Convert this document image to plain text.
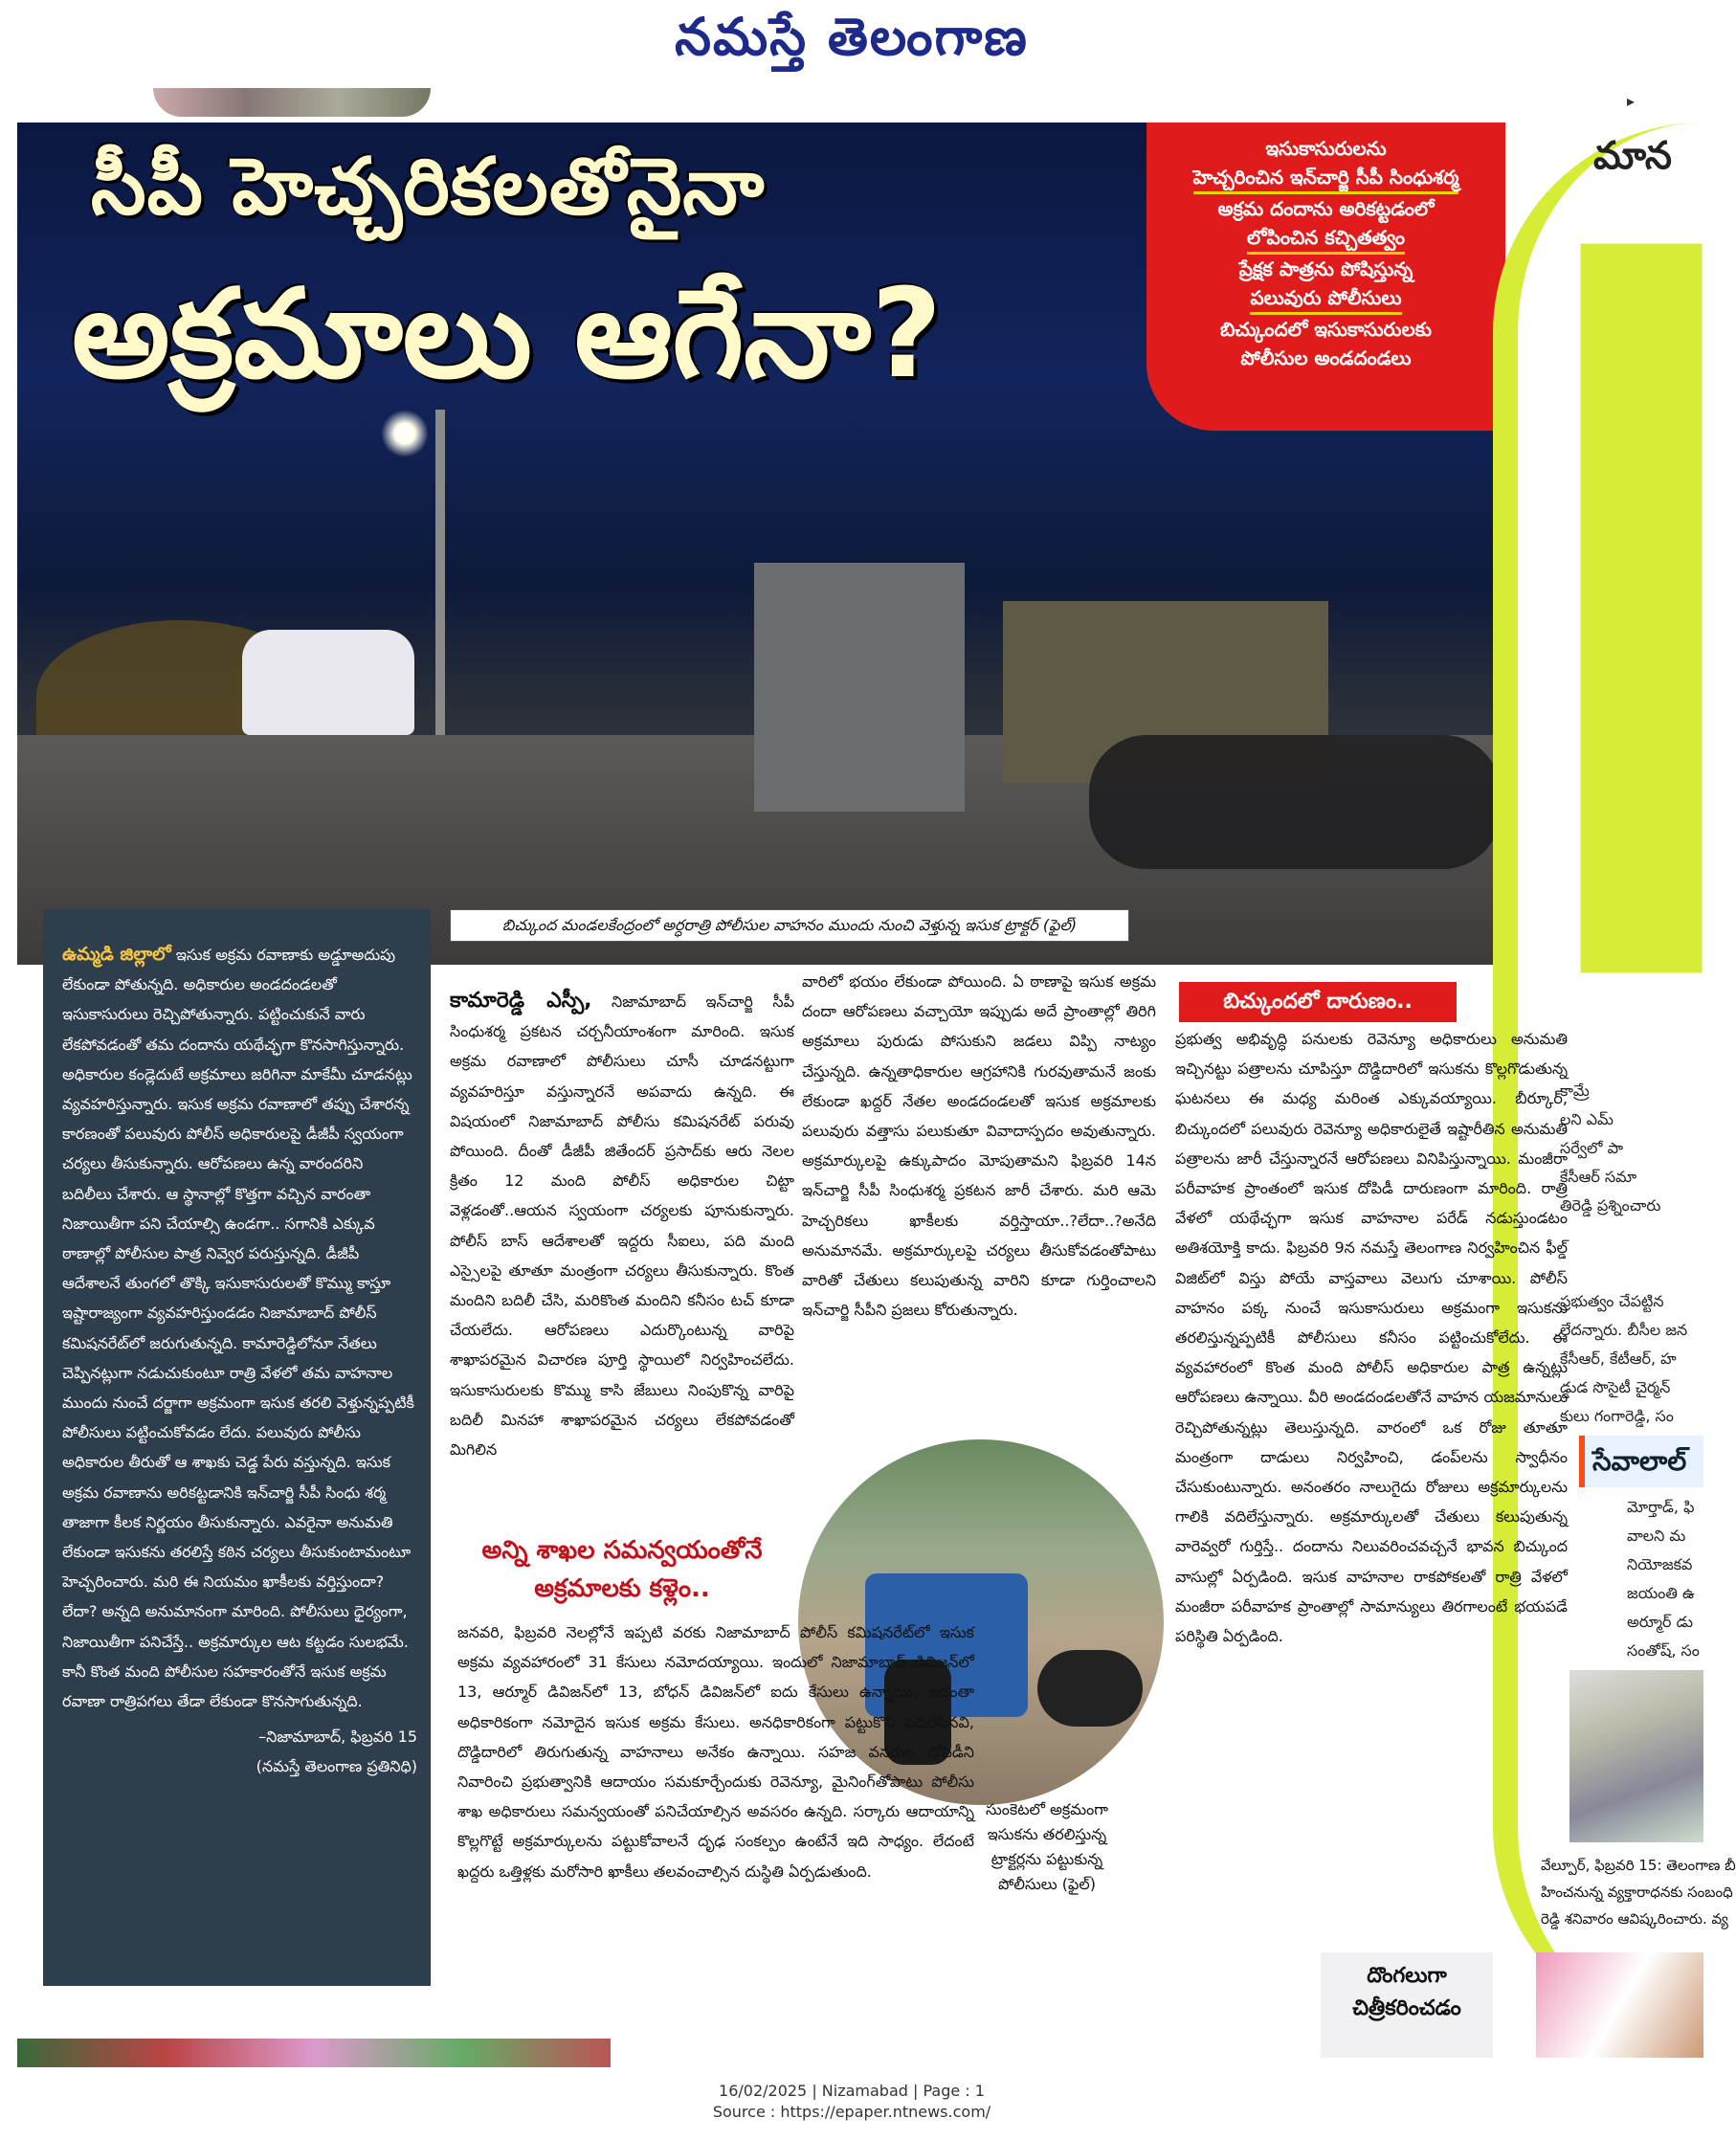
నమస్తే తెలంగాణ
▸
సీపీ హెచ్చరికలతోనైనా
అక్రమాలు ఆగేనా?
ఇసుకాసురులను
హెచ్చరించిన ఇన్‌చార్జి సీపీ సింధుశర్మ
అక్రమ దందాను అరికట్టడంలో
లోపించిన కచ్చితత్వం
ప్రేక్షక పాత్రను పోషిస్తున్న
పలువురు పోలీసులు
బిచ్కుందలో ఇసుకాసురులకు
పోలీసుల అండదండలు
బిచ్కుంద మండలకేంద్రంలో అర్ధరాత్రి పోలీసుల వాహనం ముందు నుంచి వెళ్తున్న ఇసుక ట్రాక్టర్ (ఫైల్)
మాన
కామ్రే
లని ఎమ్
సర్వేలో పా
కేసీఆర్ సమా
తిరెడ్డి ప్రశ్నించారు
ప్రభుత్వం చేపట్టిన
లేదన్నారు. బీసీల జన
కేసీఆర్, కేటీఆర్, హ
డ్డుడ సొసైటీ చైర్మన్
కులు గంగారెడ్డి, సం
సేవాలాల్
మోర్తాడ్, ఫి
వాలని మ
నియోజకవ
జయంతి ఉ
అర్మూర్ డు
సంతోష్, సం
వేల్పూర్, ఫిబ్రవరి 15: తెలంగాణ బీ
హించనున్న వ్యక్తారాధనకు సంబంధి
రెడ్డి శనివారం ఆవిష్కరించారు. వ్య

ఉమ్మడి జిల్లాలో ఇసుక అక్రమ రవాణాకు అడ్డూఅదుపు లేకుండా పోతున్నది. అధికారుల అండదండలతో ఇసుకాసురులు రెచ్చిపోతున్నారు. పట్టించుకునే వారు లేకపోవడంతో తమ దందాను యథేచ్ఛగా కొనసాగిస్తున్నారు. అధికారుల కండ్లెదుటే అక్రమాలు జరిగినా మాకేమీ చూడనట్లు వ్యవహరిస్తున్నారు. ఇసుక అక్రమ రవాణాలో తప్పు చేశారన్న కారణంతో పలువురు పోలీస్ అధికారులపై డీజీపీ స్వయంగా చర్యలు తీసుకున్నారు. ఆరోపణలు ఉన్న వారందరిని బదిలీలు చేశారు. ఆ స్థానాల్లో కొత్తగా వచ్చిన వారంతా నిజాయితీగా పని చేయాల్సి ఉండగా.. సగానికి ఎక్కువ ఠాణాల్లో పోలీసుల పాత్ర నివ్వెర పరుస్తున్నది. డీజీపీ ఆదేశాలనే తుంగలో తొక్కి ఇసుకాసురులతో కొమ్ము కాస్తూ ఇష్టారాజ్యంగా వ్యవహరిస్తుండడం నిజామాబాద్ పోలీస్ కమిషనరేట్‌లో జరుగుతున్నది. కామారెడ్డిలోనూ నేతలు చెప్పినట్లుగా నడుచుకుంటూ రాత్రి వేళలో తమ వాహనాల ముందు నుంచే దర్జాగా అక్రమంగా ఇసుక తరలి వెళ్తున్నప్పటికీ పోలీసులు పట్టించుకోవడం లేదు. పలువురు పోలీసు అధికారుల తీరుతో ఆ శాఖకు చెడ్డ పేరు వస్తున్నది. ఇసుక అక్రమ రవాణాను అరికట్టడానికి ఇన్‌చార్జి సీపీ సింధు శర్మ తాజాగా కీలక నిర్ణయం తీసుకున్నారు. ఎవరైనా అనుమతి లేకుండా ఇసుకను తరలిస్తే కఠిన చర్యలు తీసుకుంటామంటూ హెచ్చరించారు. మరి ఈ నియమం ఖాకీలకు వర్తిస్తుందా? లేదా? అన్నది అనుమానంగా మారింది. పోలీసులు ధైర్యంగా, నిజాయితీగా పనిచేస్తే.. అక్రమార్కుల ఆట కట్టడం సులభమే. కానీ కొంత మంది పోలీసుల సహకారంతోనే ఇసుక అక్రమ రవాణా రాత్రిపగలు తేడా లేకుండా కొనసాగుతున్నది.

–నిజామాబాద్, ఫిబ్రవరి 15

(నమస్తే తెలంగాణ ప్రతినిధి)

కామారెడ్డి ఎస్పీ, నిజామాబాద్ ఇన్‌చార్జి సీపీ సింధుశర్మ ప్రకటన చర్చనీయాంశంగా మారింది. ఇసుక అక్రమ రవాణాలో పోలీసులు చూసీ చూడనట్టుగా వ్యవహరిస్తూ వస్తున్నారనే అపవాదు ఉన్నది. ఈ విషయంలో నిజామాబాద్ పోలీసు కమిషనరేట్ పరువు పోయింది. దీంతో డీజీపీ జితేందర్ ప్రసాద్‌కు ఆరు నెలల క్రితం 12 మంది పోలీస్ అధికారుల చిట్టా వెళ్లడంతో..ఆయన స్వయంగా చర్యలకు పూనుకున్నారు. పోలీస్ బాస్ ఆదేశాలతో ఇద్దరు సీఐలు, పది మంది ఎస్సైలపై తూతూ మంత్రంగా చర్యలు తీసుకున్నారు. కొంత మందిని బదిలీ చేసి, మరికొంత మందిని కనీసం టచ్ కూడా చేయలేదు. ఆరోపణలు ఎదుర్కొంటున్న వారిపై శాఖాపరమైన విచారణ పూర్తి స్థాయిలో నిర్వహించలేదు. ఇసుకాసురులకు కొమ్ము కాసి జేబులు నింపుకొన్న వారిపై బదిలీ మినహా శాఖాపరమైన చర్యలు లేకపోవడంతో మిగిలిన
వారిలో భయం లేకుండా పోయింది. ఏ ఠాణాపై ఇసుక అక్రమ దందా ఆరోపణలు వచ్చాయో ఇప్పుడు అదే ప్రాంతాల్లో తిరిగి అక్రమాలు పురుడు పోసుకుని జడలు విప్పి నాట్యం చేస్తున్నది. ఉన్నతాధికారుల ఆగ్రహానికి గురవుతామనే జంకు లేకుండా ఖద్దర్ నేతల అండదండలతో ఇసుక అక్రమాలకు పలువురు వత్తాసు పలుకుతూ వివాదాస్పదం అవుతున్నారు. అక్రమార్కులపై ఉక్కుపాదం మోపుతామని ఫిబ్రవరి 14న ఇన్‌చార్జి సీపీ సింధుశర్మ ప్రకటన జారీ చేశారు. మరి ఆమె హెచ్చరికలు ఖాకీలకు వర్తిస్తాయా..?లేదా..?అనేది అనుమానమే. అక్రమార్కులపై చర్యలు తీసుకోవడంతోపాటు వారితో చేతులు కలుపుతున్న వారిని కూడా గుర్తించాలని ఇన్‌చార్జి సీపీని ప్రజలు కోరుతున్నారు.
బిచ్కుందలో దారుణం..
ప్రభుత్వ అభివృద్ధి పనులకు రెవెన్యూ అధికారులు అనుమతి ఇచ్చినట్టు పత్రాలను చూపిస్తూ దొడ్డిదారిలో ఇసుకను కొల్లగొడుతున్న ఘటనలు ఈ మధ్య మరింత ఎక్కువయ్యాయి. బీర్కూర్, బిచ్కుందలో పలువురు రెవెన్యూ అధికారులైతే ఇష్టారీతిన అనుమతి పత్రాలను జారీ చేస్తున్నారనే ఆరోపణలు వినిపిస్తున్నాయి. మంజీరా పరీవాహక ప్రాంతంలో ఇసుక దోపిడీ దారుణంగా మారింది. రాత్రి వేళలో యథేచ్ఛగా ఇసుక వాహనాల పరేడ్ నడుస్తుండటం అతిశయోక్తి కాదు. ఫిబ్రవరి 9న నమస్తే తెలంగాణ నిర్వహించిన ఫీల్డ్ విజిట్‌లో విస్తు పోయే వాస్తవాలు వెలుగు చూశాయి. పోలీస్ వాహనం పక్క నుంచే ఇసుకాసురులు అక్రమంగా ఇసుకను తరలిస్తున్నప్పటికీ పోలీసులు కనీసం పట్టించుకోలేదు. ఈ వ్యవహారంలో కొంత మంది పోలీస్ అధికారుల పాత్ర ఉన్నట్లు ఆరోపణలు ఉన్నాయి. వీరి అండదండలతోనే వాహన యజమానులు రెచ్చిపోతున్నట్లు తెలుస్తున్నది. వారంలో ఒక రోజు తూతూ మంత్రంగా దాడులు నిర్వహించి, డంప్‌లను స్వాధీనం చేసుకుంటున్నారు. అనంతరం నాలుగైదు రోజులు అక్రమార్కులను గాలికి వదిలేస్తున్నారు. అక్రమార్కులతో చేతులు కలుపుతున్న వారెవ్వరో గుర్తిస్తే.. దందాను నిలువరించవచ్చనే భావన బిచ్కుంద వాసుల్లో ఏర్పడింది. ఇసుక వాహనాల రాకపోకలతో రాత్రి వేళలో మంజీరా పరీవాహక ప్రాంతాల్లో సామాన్యులు తిరగాలంటే భయపడే పరిస్థితి ఏర్పడింది.
అన్ని శాఖల సమన్వయంతోనే
అక్రమాలకు కళ్లెం..
జనవరి, ఫిబ్రవరి నెలల్లోనే ఇప్పటి వరకు నిజామాబాద్ పోలీస్ కమిషనరేట్‌లో ఇసుక అక్రమ వ్యవహారంలో 31 కేసులు నమోదయ్యాయి. ఇందులో నిజామాబాద్ డివిజన్‌లో 13, ఆర్మూర్ డివిజన్‌లో 13, బోధన్ డివిజన్‌లో ఐదు కేసులు ఉన్నాయి. ఇదంతా అధికారికంగా నమోదైన ఇసుక అక్రమ కేసులు. అనధికారికంగా పట్టుకొని వదిలేసినవి, దొడ్డిదారిలో తిరుగుతున్న వాహనాలు అనేకం ఉన్నాయి. సహజ వనరుల దోపిడీని నివారించి ప్రభుత్వానికి ఆదాయం సమకూర్చేందుకు రెవెన్యూ, మైనింగ్‌తోపాటు పోలీసు శాఖ అధికారులు సమన్వయంతో పనిచేయాల్సిన అవసరం ఉన్నది. సర్కారు ఆదాయాన్ని కొల్లగొట్టే అక్రమార్కులను పట్టుకోవాలనే దృఢ సంకల్పం ఉంటేనే ఇది సాధ్యం. లేదంటే ఖద్దరు ఒత్తిళ్లకు మరోసారి ఖాకీలు తలవంచాల్సిన దుస్థితి ఏర్పడుతుంది.
సుంకెటలో అక్రమంగా ఇసుకను తరలిస్తున్న ట్రాక్టర్లను పట్టుకున్న పోలీసులు (ఫైల్)
దొంగలుగా
చిత్రీకరించడం
16/02/2025 | Nizamabad | Page : 1
Source : https://epaper.ntnews.com/
